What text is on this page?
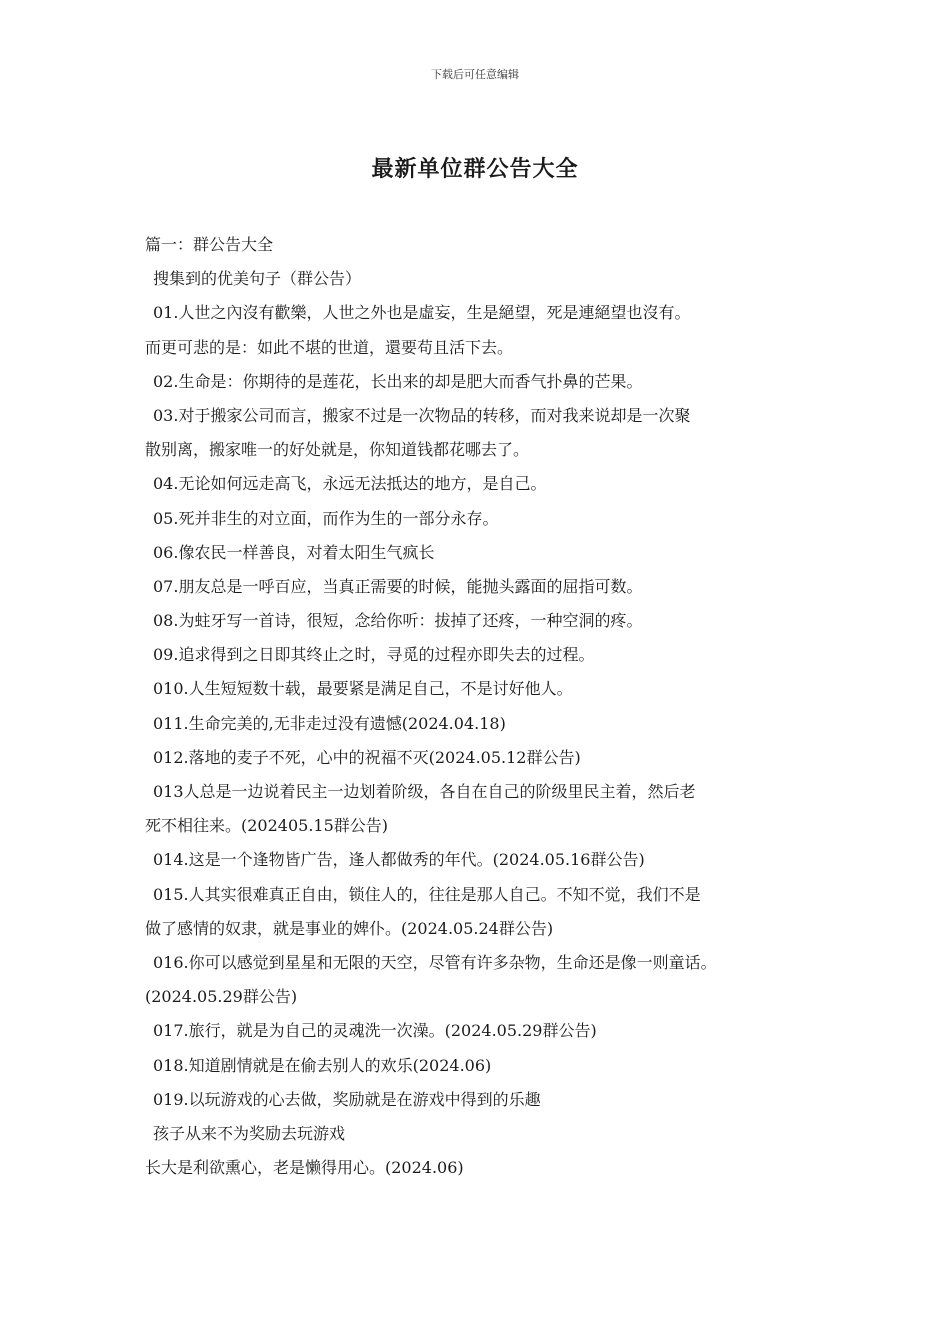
下载后可任意编辑
最新单位群公告大全
篇一：群公告大全
搜集到的优美句子（群公告）
01.人世之內沒有歡樂，人世之外也是虛妄，生是絕望，死是連絕望也沒有。
而更可悲的是：如此不堪的世道，還要苟且活下去。
02.生命是：你期待的是莲花，长出来的却是肥大而香气扑鼻的芒果。
03.对于搬家公司而言，搬家不过是一次物品的转移，而对我来说却是一次聚
散别离，搬家唯一的好处就是，你知道钱都花哪去了。
04.无论如何远走高飞，永远无法抵达的地方，是自己。
05.死并非生的对立面，而作为生的一部分永存。
06.像农民一样善良，对着太阳生气疯长
07.朋友总是一呼百应，当真正需要的时候，能抛头露面的屈指可数。
08.为蛀牙写一首诗，很短，念给你听：拔掉了还疼，一种空洞的疼。
09.追求得到之日即其终止之时，寻觅的过程亦即失去的过程。
010.人生短短数十载，最要紧是满足自己，不是讨好他人。
011.生命完美的,无非走过没有遗憾(2024.04.18)
012.落地的麦子不死，心中的祝福不灭(2024.05.12群公告)
013人总是一边说着民主一边划着阶级，各自在自己的阶级里民主着，然后老
死不相往来。(202405.15群公告)
014.这是一个逢物皆广告，逢人都做秀的年代。(2024.05.16群公告)
015.人其实很难真正自由，锁住人的，往往是那人自己。不知不觉，我们不是
做了感情的奴隶，就是事业的婢仆。(2024.05.24群公告)
016.你可以感觉到星星和无限的天空，尽管有许多杂物，生命还是像一则童话。
(2024.05.29群公告)
017.旅行，就是为自己的灵魂洗一次澡。(2024.05.29群公告)
018.知道剧情就是在偷去别人的欢乐(2024.06)
019.以玩游戏的心去做，奖励就是在游戏中得到的乐趣
孩子从来不为奖励去玩游戏
长大是利欲熏心，老是懒得用心。(2024.06)
